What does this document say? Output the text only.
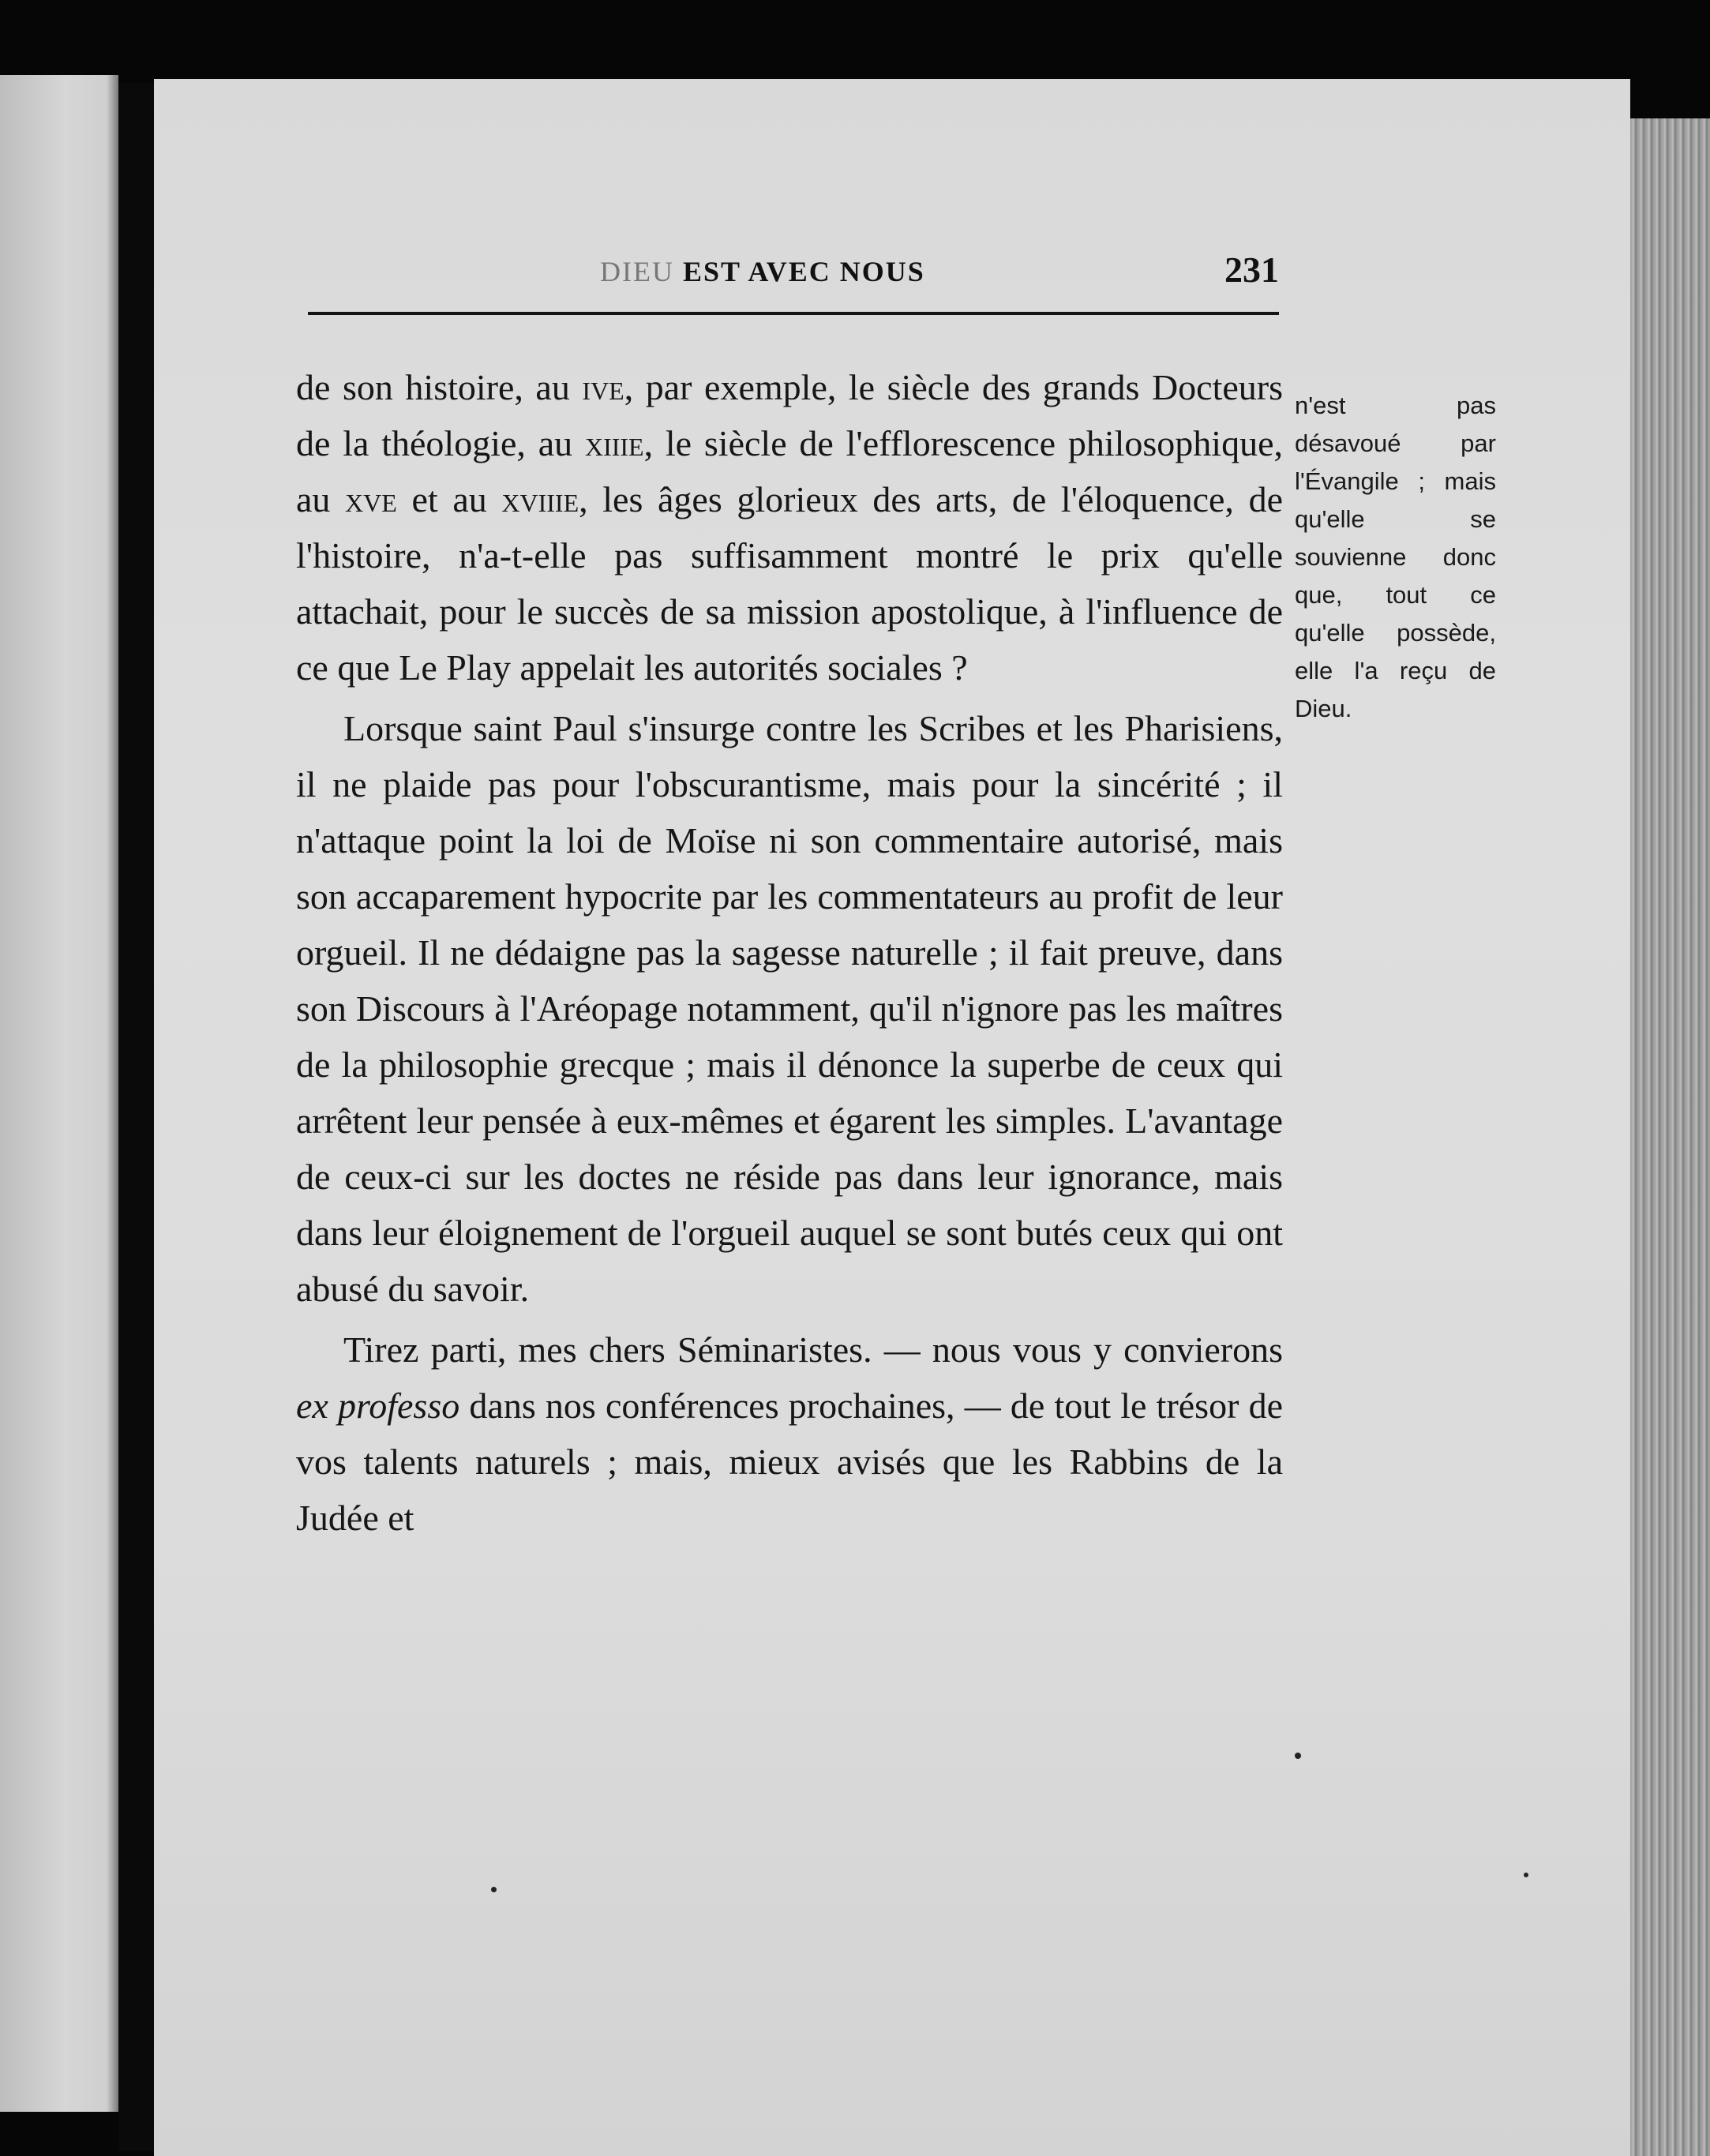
DIEU EST AVEC NOUS	231

de son histoire, au ive, par exemple, le siècle des grands Docteurs de la théologie, au xiiie, le siècle de l'efflorescence philosophique, au xve et au xviiie, les âges glorieux des arts, de l'éloquence, de l'histoire, n'a-t-elle pas suffisamment montré le prix qu'elle attachait, pour le succès de sa mission apostolique, à l'influence de ce que Le Play appelait les autorités sociales ?

Lorsque saint Paul s'insurge contre les Scribes et les Pharisiens, il ne plaide pas pour l'obscurantisme, mais pour la sincérité ; il n'attaque point la loi de Moïse ni son commentaire autorisé, mais son accaparement hypocrite par les commentateurs au profit de leur orgueil. Il ne dédaigne pas la sagesse naturelle ; il fait preuve, dans son Discours à l'Aréopage notamment, qu'il n'ignore pas les maîtres de la philosophie grecque ; mais il dénonce la superbe de ceux qui arrêtent leur pensée à eux-mêmes et égarent les simples. L'avantage de ceux-ci sur les doctes ne réside pas dans leur ignorance, mais dans leur éloignement de l'orgueil auquel se sont butés ceux qui ont abusé du savoir.

Tirez parti, mes chers Séminaristes. — nous vous y convierons ex professo dans nos conférences prochaines, — de tout le trésor de vos talents naturels ; mais, mieux avisés que les Rabbins de la Judée et

n'est pas désavoué par l'Évangile ; mais qu'elle se souvienne donc que, tout ce qu'elle possède, elle l'a reçu de Dieu.
